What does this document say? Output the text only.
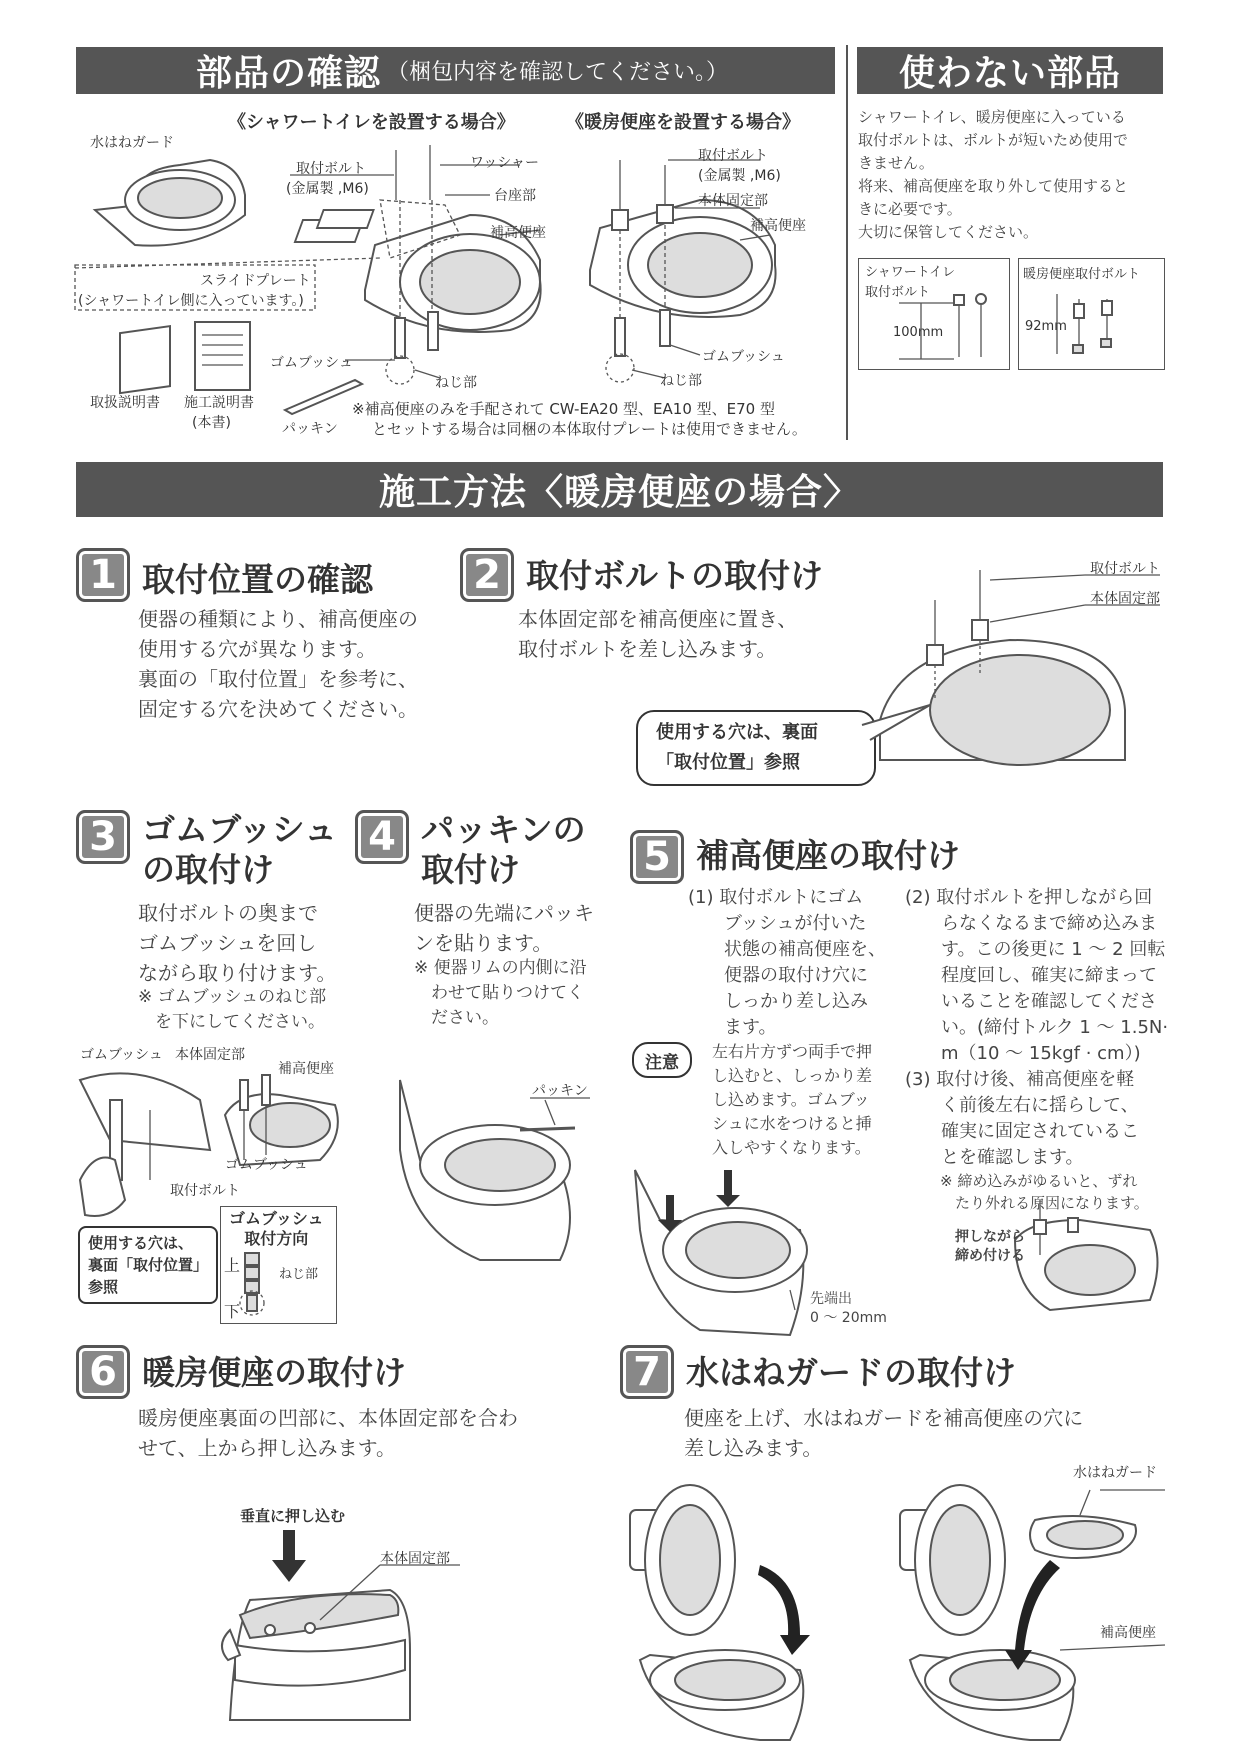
部品の確認 （梱包内容を確認してください。）	使わない部品
《シャワートイレを設置する場合》	《暖房便座を設置する場合》
水はねガード
取付ボルト
(金属製 ,M6)
ワッシャー
台座部
補高便座
スライドプレート
(シャワートイレ側に入っています。)
ゴムブッシュ
ねじ部
取付ボルト
(金属製 ,M6)
本体固定部
補高便座
ゴムブッシュ
ねじ部
取扱説明書 施工説明書
(本書)	パッキン
※補高便座のみを手配されて CW-EA20 型、EA10 型、E70 型
とセットする場合は同梱の本体取付プレートは使用できません。
シャワートイレ、暖房便座に入っている
取付ボルトは、ボルトが短いため使用で
きません。
将来、補高便座を取り外して使用すると
きに必要です。
大切に保管してください。
シャワートイレ
取付ボルト
100mm
暖房便座取付ボルト
92mm
施工方法〈暖房便座の場合〉
1 取付位置の確認
便器の種類により、補高便座の
使用する穴が異なります。
裏面の「取付位置」を参考に、
固定する穴を決めてください。
2 取付ボルトの取付け
本体固定部を補高便座に置き、
取付ボルトを差し込みます。
取付ボルト
本体固定部
使用する穴は、裏面
「取付位置」参照
3 ゴムブッシュ
の取付け
取付ボルトの奥まで
ゴムブッシュを回し
ながら取り付けます。
※ ゴムブッシュのねじ部
　を下にしてください。
ゴムブッシュ 本体固定部
補高便座
ゴムブッシュ
取付ボルト
使用する穴は、
裏面「取付位置」
参照
ゴムブッシュ
取付方向
上
下
ねじ部
4 パッキンの
取付け
便器の先端にパッキ
ンを貼ります。
※ 便器リムの内側に沿
　わせて貼りつけてく
　ださい。
パッキン
5 補高便座の取付け
(1) 取付ボルトにゴム
　　ブッシュが付いた
　　状態の補高便座を、
　　便器の取付け穴に
　　しっかり差し込み
　　ます。
注意
左右片方ずつ両手で押
し込むと、しっかり差
し込めます。ゴムブッ
シュに水をつけると挿
入しやすくなります。
(2) 取付ボルトを押しながら回
　　らなくなるまで締め込みま
　　す。この後更に 1 ～ 2 回転
　　程度回し、確実に締まって
　　いることを確認してくださ
　　い。(締付トルク 1 ～ 1.5N·
　　m（10 ～ 15kgf · cm）)
(3) 取付け後、補高便座を軽
　　く前後左右に揺らして、
　　確実に固定されているこ
　　とを確認します。
※ 締め込みがゆるいと、ずれ
　たり外れる原因になります。
先端出
0 ～ 20mm
押しながら
締め付ける
6 暖房便座の取付け
暖房便座裏面の凹部に、本体固定部を合わ
せて、上から押し込みます。
垂直に押し込む
本体固定部
7 水はねガードの取付け
便座を上げ、水はねガードを補高便座の穴に
差し込みます。
水はねガード
補高便座
